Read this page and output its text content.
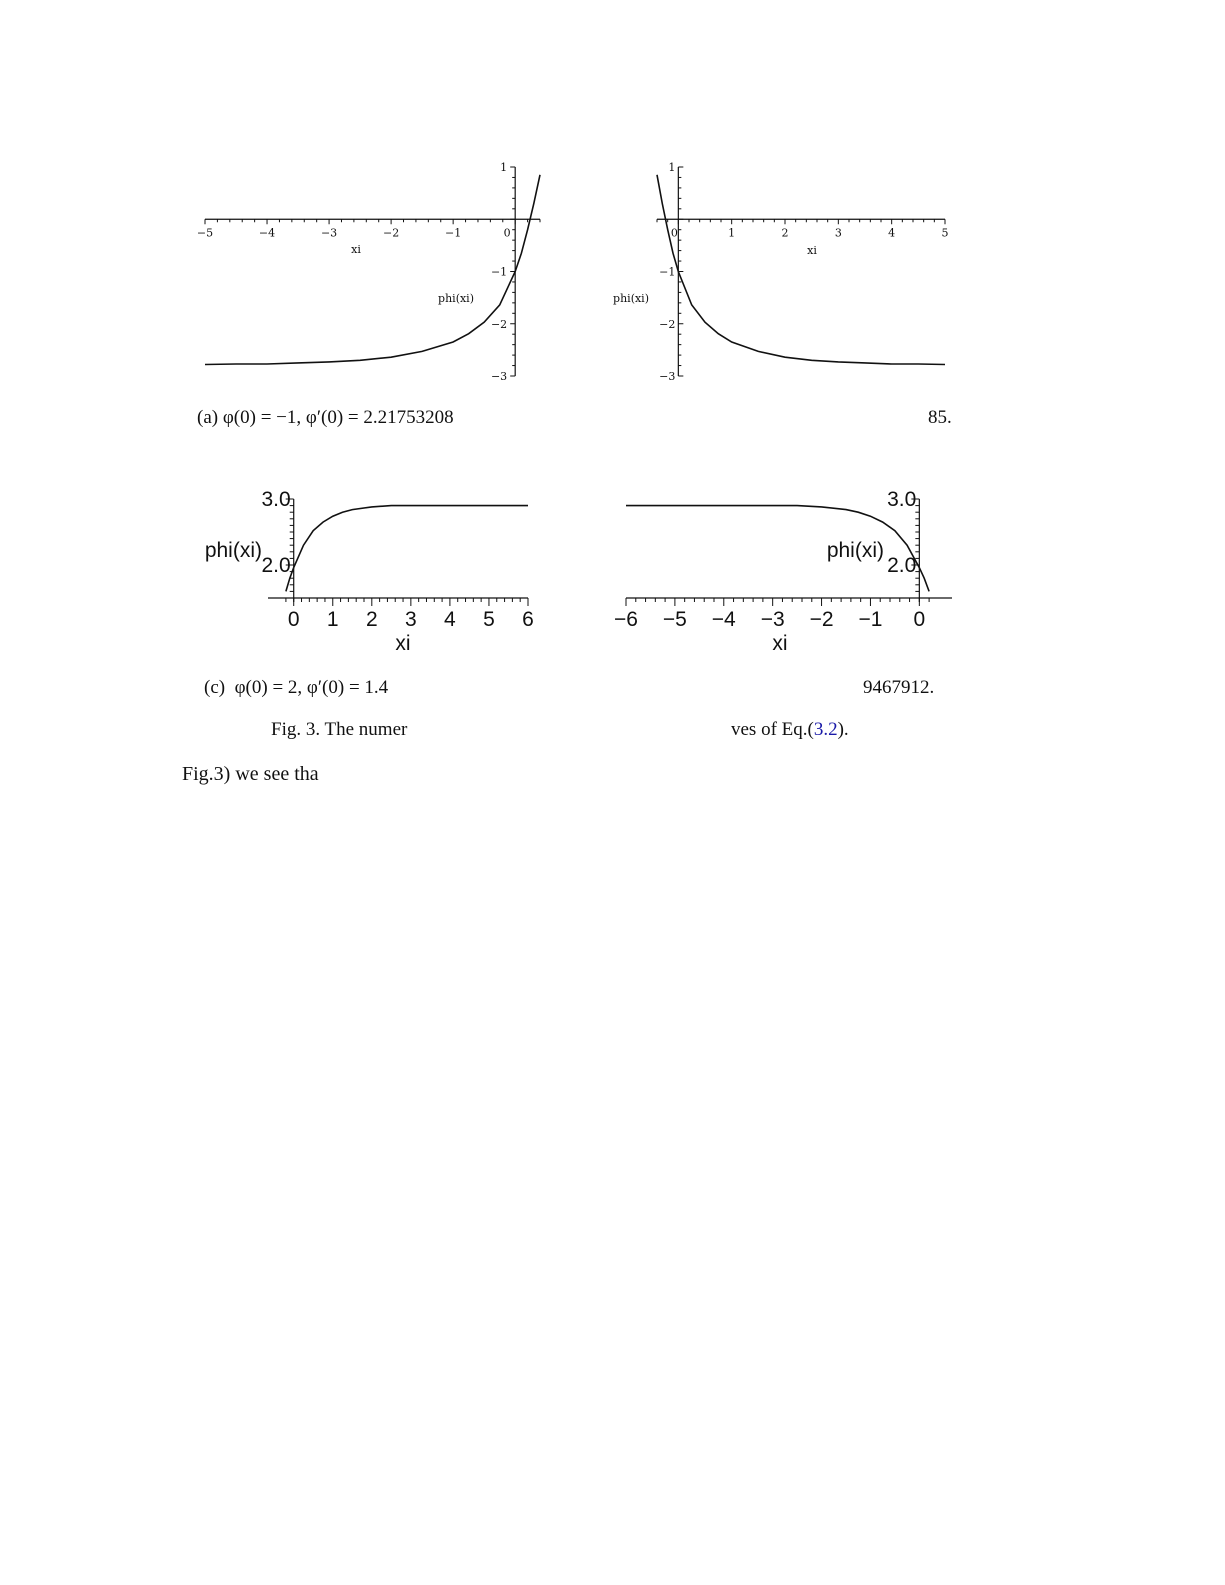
−5	−4	−3	−2	−1	0
1
−1
−2
−3
xi
phi(xi)
0	1	2	3	4	5
1
−1
−2
−3
xi
phi(xi)
0 1 2 3 4 5 6
3.0
2.0
xi
phi(xi)
−6 −5 −4 −3 −2 −1 0
3.0
2.0
xi
phi(xi)
(a) φ(0) = −1, φ′(0) = 2.21753208	85.
(c) φ(0) = 2, φ′(0) = 1.4	9467912.
Fig. 3. The numer	ves of Eq.(3.2).
Fig.3) we see tha
